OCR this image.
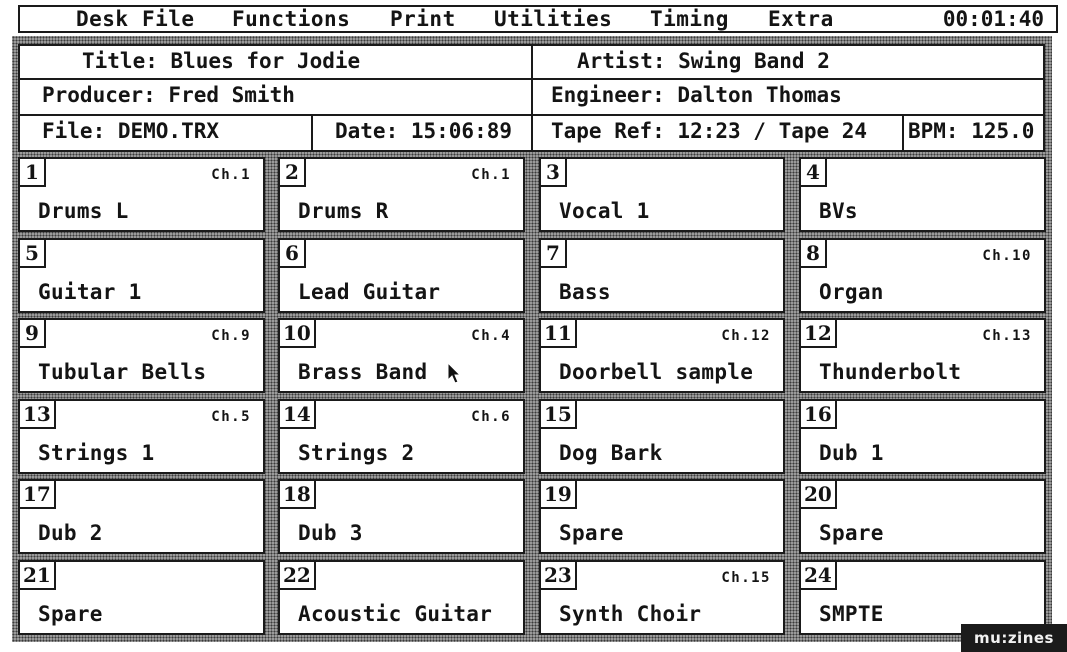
Desk File Functions Print Utilities Timing Extra	00:01:40
Title: Blues for Jodie	Artist: Swing Band 2
Producer: Fred Smith	Engineer: Dalton Thomas
File: DEMO.TRX	Date: 15:06:89	Tape Ref: 12:23 / Tape 24	BPM: 125.0
1	Ch.1
Drums L
2	Ch.1
Drums R
3
Vocal 1
4
BVs
5
Guitar 1
6
Lead Guitar
7
Bass
8	Ch.10
Organ
9	Ch.9
Tubular Bells
10	Ch.4
Brass Band
11	Ch.12
Doorbell sample
12	Ch.13
Thunderbolt
13	Ch.5
Strings 1
14	Ch.6
Strings 2
15
Dog Bark
16
Dub 1
17
Dub 2
18
Dub 3
19
Spare
20
Spare
21
Spare
22
Acoustic Guitar
23	Ch.15
Synth Choir
24
SMPTE
mu:zines
